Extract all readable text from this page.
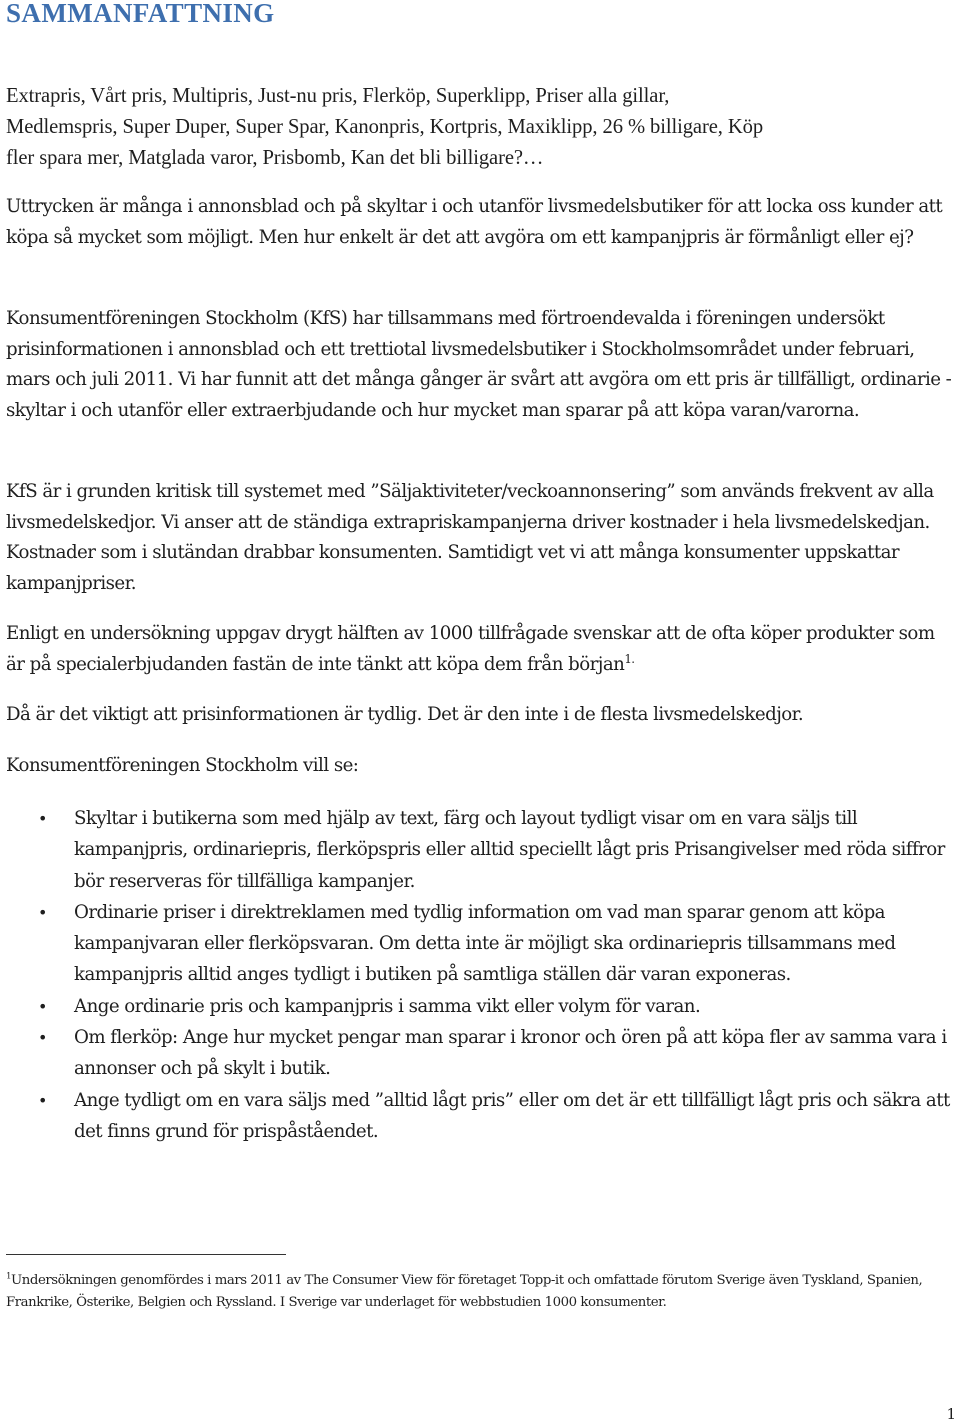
SAMMANFATTNING

Extrapris, Vårt pris, Multipris, Just-nu pris, Flerköp, Superklipp, Priser alla gillar,
Medlemspris, Super Duper, Super Spar, Kanonpris, Kortpris, Maxiklipp, 26 % billigare, Köp
fler spara mer, Matglada varor, Prisbomb, Kan det bli billigare?…

Uttrycken är många i annonsblad och på skyltar i och utanför livsmedelsbutiker för att locka oss kunder att köpa så mycket som möjligt. Men hur enkelt är det att avgöra om ett kampanjpris är förmånligt eller ej?

Konsumentföreningen Stockholm (KfS) har tillsammans med förtroendevalda i föreningen undersökt prisinformationen i annonsblad och ett trettiotal livsmedelsbutiker i Stockholmsområdet under februari, mars och juli 2011. Vi har funnit att det många gånger är svårt att avgöra om ett pris är tillfälligt, ordinarie - skyltar i och utanför eller extraerbjudande och hur mycket man sparar på att köpa varan/varorna.

KfS är i grunden kritisk till systemet med ”Säljaktiviteter/veckoannonsering” som används frekvent av alla livsmedelskedjor. Vi anser att de ständiga extrapriskampanjerna driver kostnader i hela livsmedelskedjan. Kostnader som i slutändan drabbar konsumenten. Samtidigt vet vi att många konsumenter uppskattar kampanjpriser.

Enligt en undersökning uppgav drygt hälften av 1000 tillfrågade svenskar att de ofta köper produkter som är på specialerbjudanden fastän de inte tänkt att köpa dem från början$^{1.}$

Då är det viktigt att prisinformationen är tydlig. Det är den inte i de flesta livsmedelskedjor.

Konsumentföreningen Stockholm vill se:

• Skyltar i butikerna som med hjälp av text, färg och layout tydligt visar om en vara säljs till kampanjpris, ordinariepris, flerköpspris eller alltid speciellt lågt pris Prisangivelser med röda siffror bör reserveras för tillfälliga kampanjer.
• Ordinarie priser i direktreklamen med tydlig information om vad man sparar genom att köpa kampanjvaran eller flerköpsvaran. Om detta inte är möjligt ska ordinariepris tillsammans med kampanjpris alltid anges tydligt i butiken på samtliga ställen där varan exponeras.
• Ange ordinarie pris och kampanjpris i samma vikt eller volym för varan.
• Om flerköp: Ange hur mycket pengar man sparar i kronor och ören på att köpa fler av samma vara i annonser och på skylt i butik.
• Ange tydligt om en vara säljs med ”alltid lågt pris” eller om det är ett tillfälligt lågt pris och säkra att det finns grund för prispåståendet.

$^1$Undersökningen genomfördes i mars 2011 av The Consumer View för företaget Topp-it och omfattade förutom Sverige även Tyskland, Spanien, Frankrike, Österike, Belgien och Ryssland. I Sverige var underlaget för webbstudien 1000 konsumenter.

1
